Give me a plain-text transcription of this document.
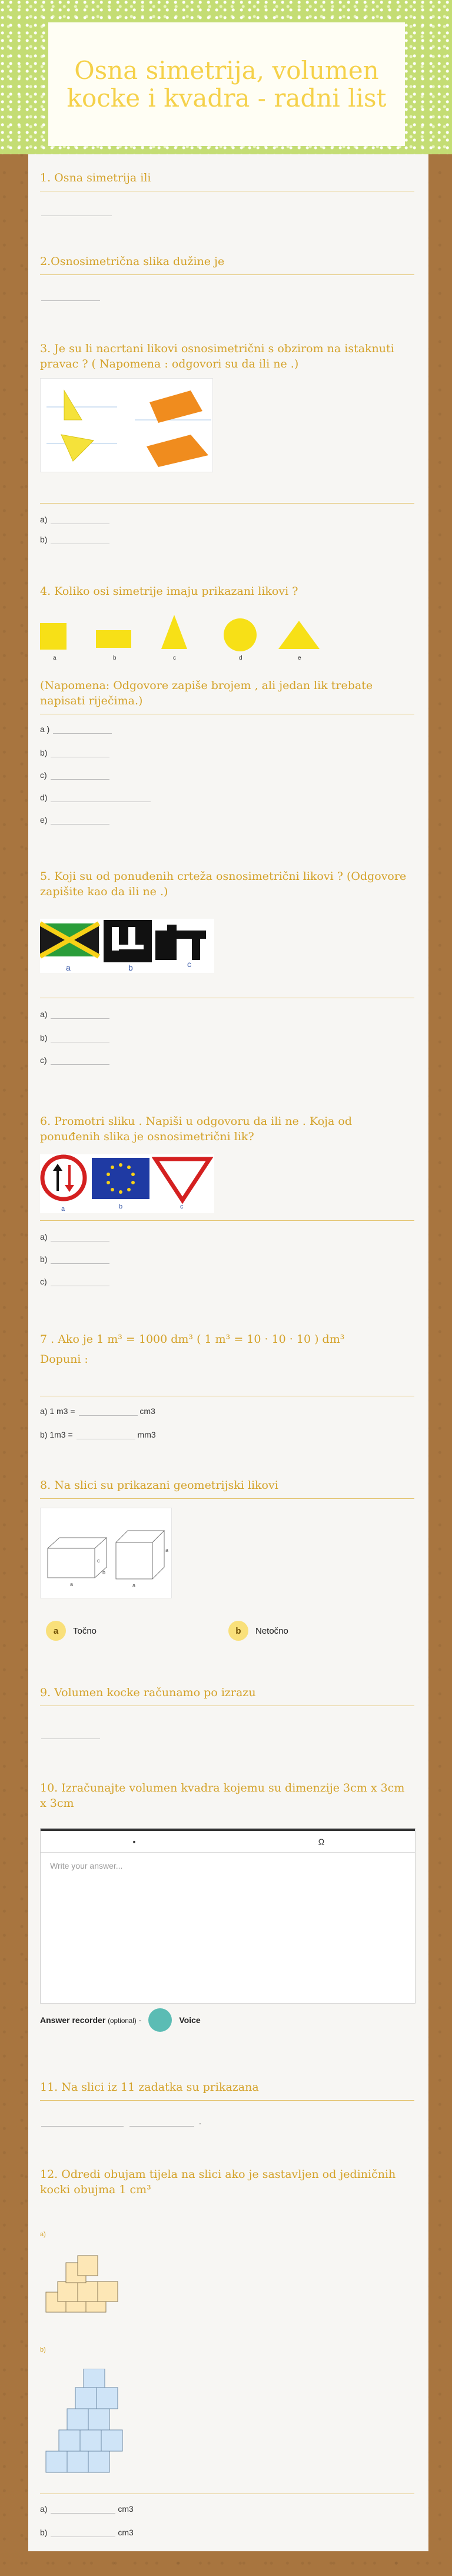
Osna simetrija, volumen kocke i kvadra - radni list
1. Osna simetrija ili
2.Osnosimetrična slika dužine je
3. Je su li nacrtani likovi osnosimetrični s obzirom na istaknuti pravac ? ( Napomena : odgovori su da ili ne .)
a)
b)
4. Koliko osi simetrije imaju prikazani likovi ?
a	b	c	d	e
(Napomena: Odgovore zapiše brojem , ali jedan lik trebate napisati riječima.)
a )
b)
c)
d)
e)
5. Koji su od ponuđenih crteža osnosimetrični likovi ? (Odgovore zapišite kao da ili ne .)
a	b	c
a)
b)
c)
6. Promotri sliku . Napiši u odgovoru da ili ne . Koja od ponuđenih slika je osnosimetrični lik?
a	b	c
a)
b)
c)
7 . Ako je 1 m³ = 1000 dm³ ( 1 m³ = 10 · 10 · 10 ) dm³
Dopuni :
a) 1 m3 =	cm3
b) 1m3 =	mm3
8. Na slici su prikazani geometrijski likovi
a
b
c
a
a
a	Točno	b	Netočno
9. Volumen kocke računamo po izrazu
10. Izračunajte volumen kvadra kojemu su dimenzije 3cm x 3cm x 3cm
•	Ω
Write your answer...
Answer recorder (optional) -	Voice
11. Na slici iz 11 zadatka su prikazana
.
12. Odredi obujam tijela na slici ako je sastavljen od jediničnih kocki obujma 1 cm³
a)
b)
a)	cm3
b)	cm3
